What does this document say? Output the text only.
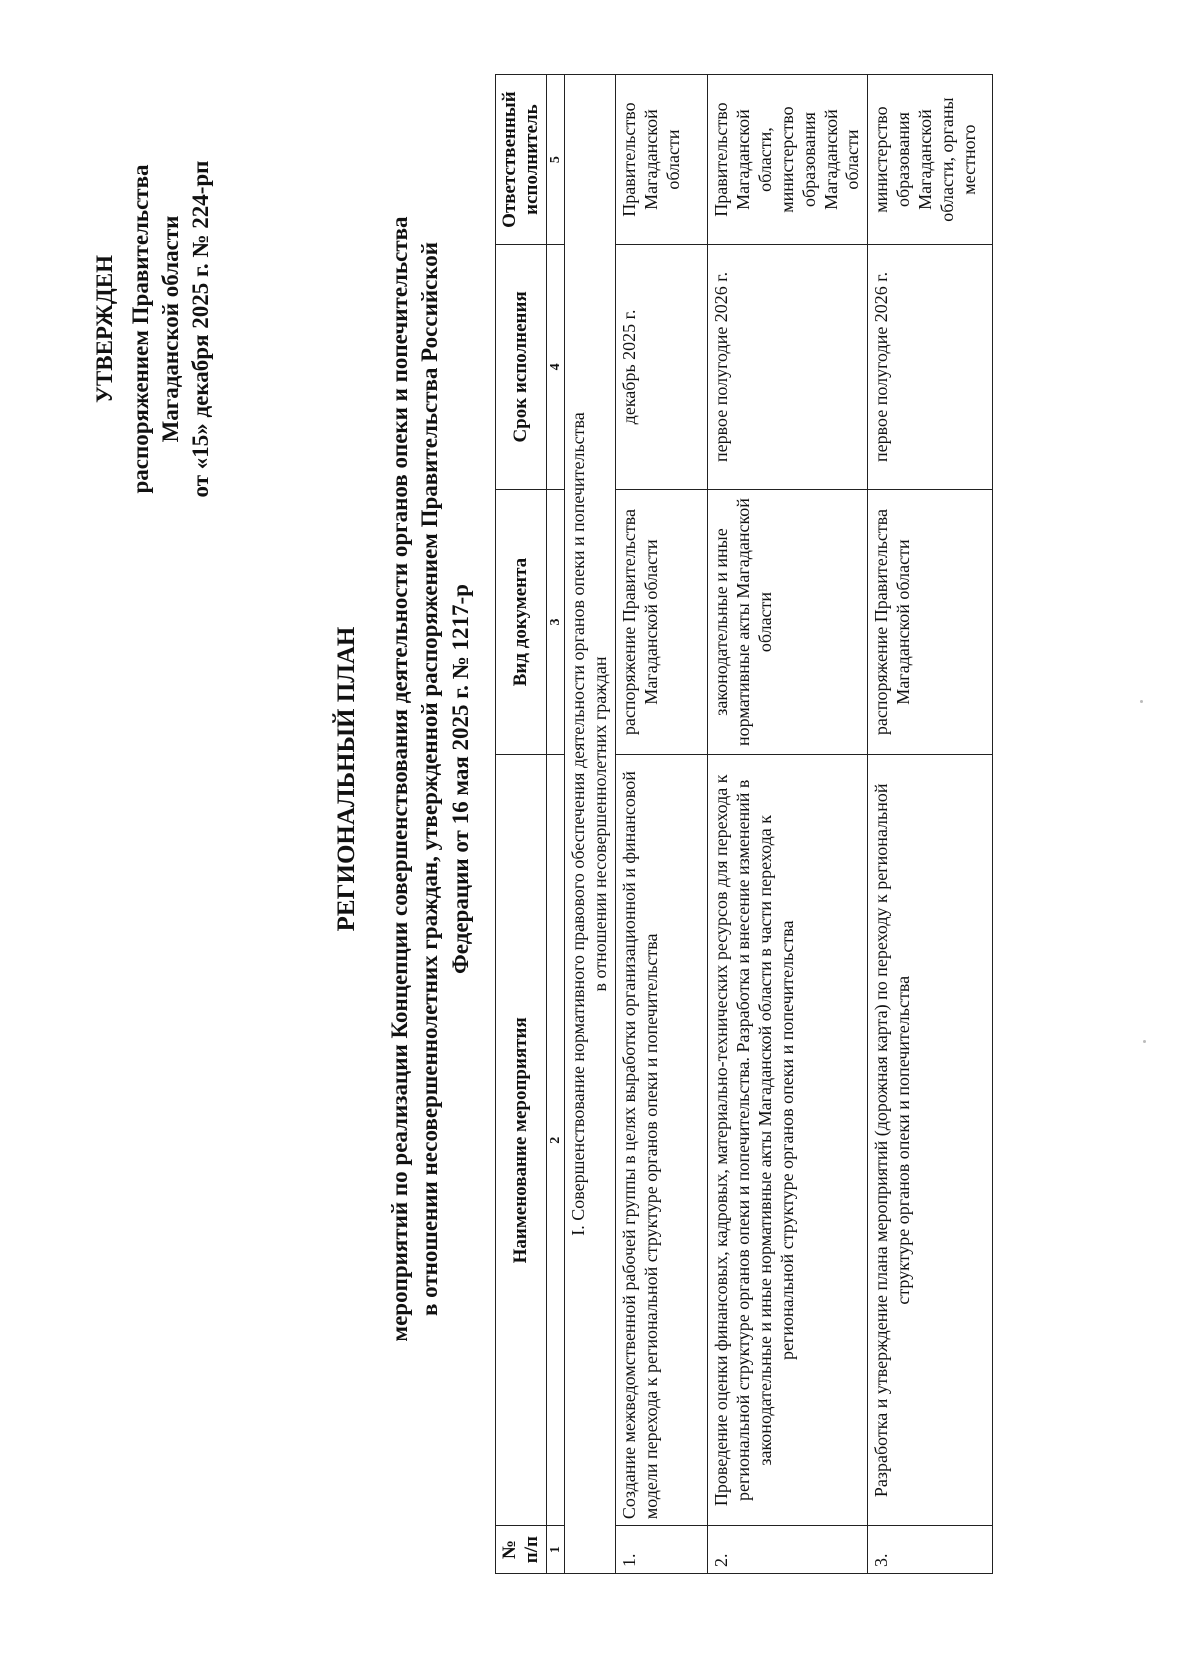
УТВЕРЖДЕН распоряжением Правительства Магаданской области от «15» декабря 2025 г. № 224-рп
РЕГИОНАЛЬНЫЙ ПЛАН мероприятий по реализации Концепции совершенствования деятельности органов опеки и попечительства в отношении несовершеннолетних граждан, утвержденной распоряжением Правительства Российской Федерации от 16 мая 2025 г. № 1217-р
№ п/п	Наименование мероприятия	Вид документа	Срок исполнения	Ответственный исполнитель
1	2	3	4	5

I. Совершенствование нормативного правового обеспечения деятельности органов опеки и попечительства в отношении несовершеннолетних граждан				

1.	Создание межведомственной рабочей группы в целях выработки организационной и финансовой модели перехода к региональной структуре органов опеки и попечительства	распоряжение Правительства Магаданской области	декабрь 2025 г.	Правительство Магаданской области
2.	Проведение оценки финансовых, кадровых, материально-технических ресурсов для перехода к региональной структуре органов опеки и попечительства. Разработка и внесение изменений в законодательные и иные нормативные акты Магаданской области в части перехода к региональной структуре органов опеки и попечительства	законодательные и иные нормативные акты Магаданской области	первое полугодие 2026 г.	Правительство Магаданской области, министерство образования Магаданской области
3.	Разработка и утверждение плана мероприятий (дорожная карта) по переходу к региональной структуре органов опеки и попечительства	распоряжение Правительства Магаданской области	первое полугодие 2026 г.	министерство образования Магаданской области, органы местного
